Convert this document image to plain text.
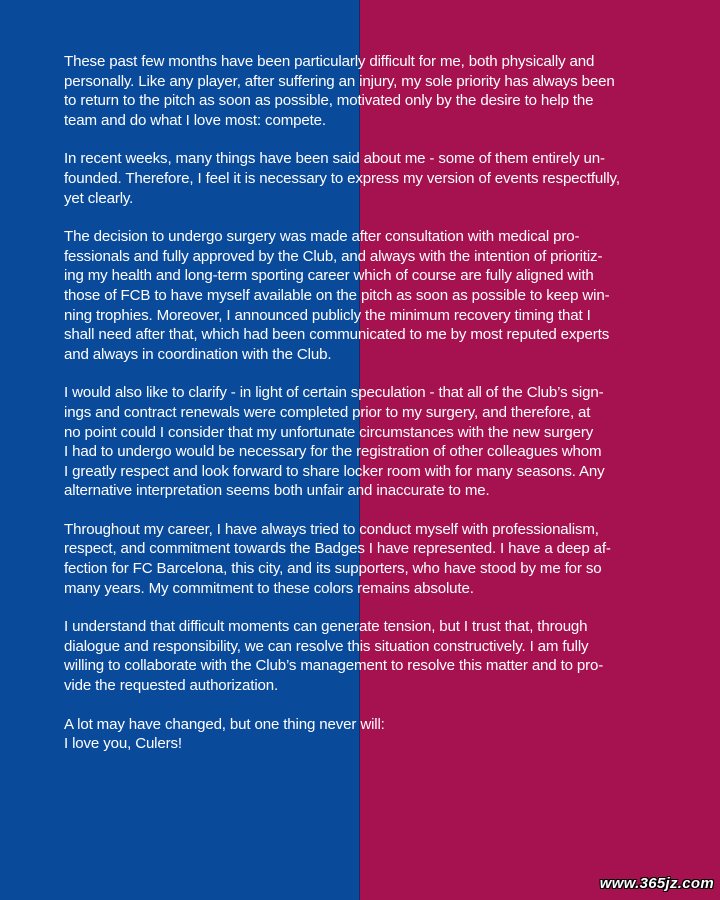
These past few months have been particularly difficult for me, both physically and
personally. Like any player, after suffering an injury, my sole priority has always been
to return to the pitch as soon as possible, motivated only by the desire to help the
team and do what I love most: compete.

In recent weeks, many things have been said about me - some of them entirely un-
founded. Therefore, I feel it is necessary to express my version of events respectfully,
yet clearly.

The decision to undergo surgery was made after consultation with medical pro-
fessionals and fully approved by the Club, and always with the intention of prioritiz-
ing my health and long-term sporting career which of course are fully aligned with
those of FCB to have myself available on the pitch as soon as possible to keep win-
ning trophies. Moreover, I announced publicly the minimum recovery timing that I
shall need after that, which had been communicated to me by most reputed experts
and always in coordination with the Club.

I would also like to clarify - in light of certain speculation - that all of the Club’s sign-
ings and contract renewals were completed prior to my surgery, and therefore, at
no point could I consider that my unfortunate circumstances with the new surgery
I had to undergo would be necessary for the registration of other colleagues whom
I greatly respect and look forward to share locker room with for many seasons. Any
alternative interpretation seems both unfair and inaccurate to me.

Throughout my career, I have always tried to conduct myself with professionalism,
respect, and commitment towards the Badges I have represented. I have a deep af-
fection for FC Barcelona, this city, and its supporters, who have stood by me for so
many years. My commitment to these colors remains absolute.

I understand that difficult moments can generate tension, but I trust that, through
dialogue and responsibility, we can resolve this situation constructively. I am fully
willing to collaborate with the Club’s management to resolve this matter and to pro-
vide the requested authorization.

A lot may have changed, but one thing never will:
I love you, Culers!

www.365jz.com
